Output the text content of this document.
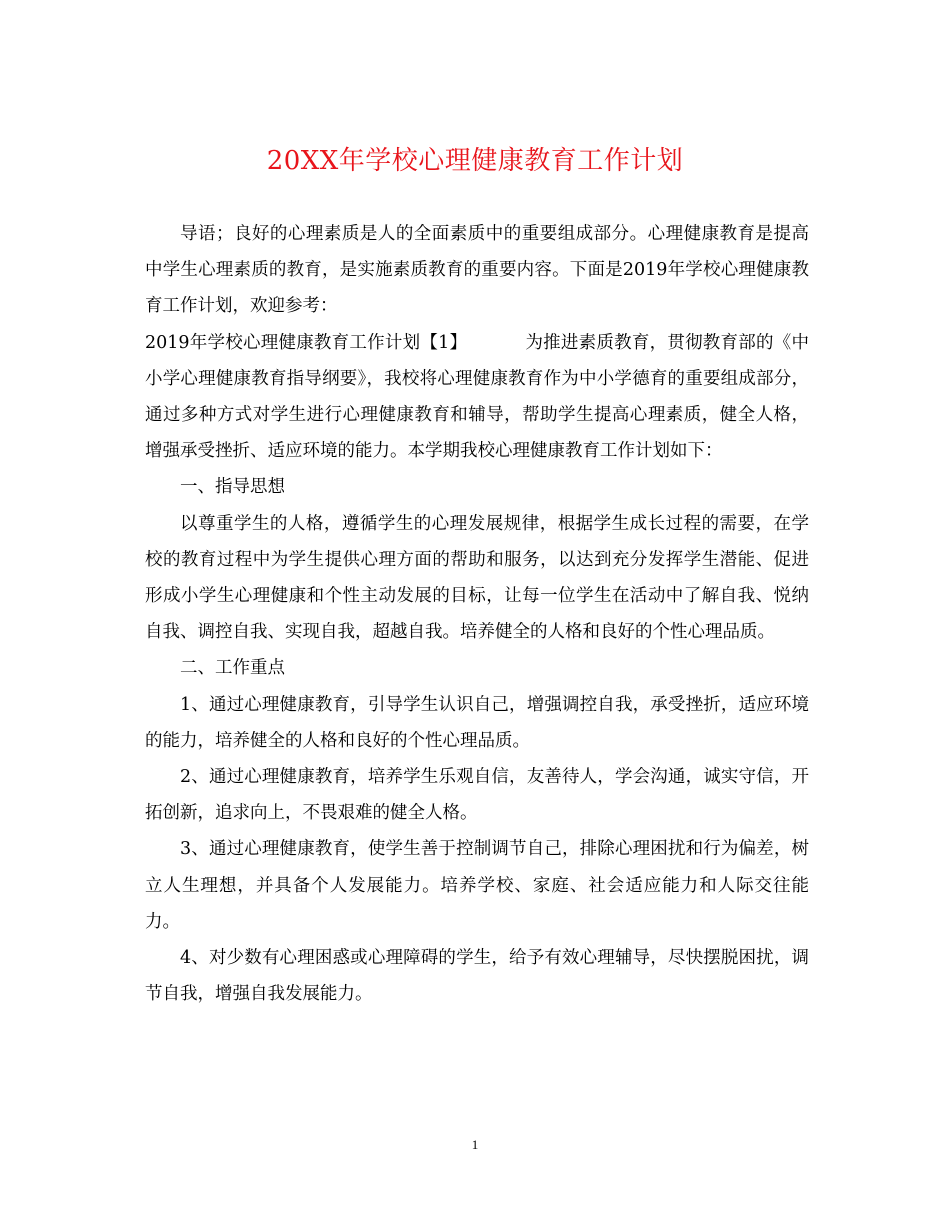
20XX年学校心理健康教育工作计划

导语；良好的心理素质是人的全面素质中的重要组成部分。心理健康教育是提高中学生心理素质的教育，是实施素质教育的重要内容。下面是2019年学校心理健康教育工作计划，欢迎参考：

2019年学校心理健康教育工作计划【1】	为推进素质教育，贯彻教育部的《中小学心理健康教育指导纲要》，我校将心理健康教育作为中小学德育的重要组成部分，通过多种方式对学生进行心理健康教育和辅导，帮助学生提高心理素质，健全人格，增强承受挫折、适应环境的能力。本学期我校心理健康教育工作计划如下：

一、指导思想

以尊重学生的人格，遵循学生的心理发展规律，根据学生成长过程的需要，在学校的教育过程中为学生提供心理方面的帮助和服务，以达到充分发挥学生潜能、促进形成小学生心理健康和个性主动发展的目标，让每一位学生在活动中了解自我、悦纳自我、调控自我、实现自我，超越自我。培养健全的人格和良好的个性心理品质。

二、工作重点

1、通过心理健康教育，引导学生认识自己，增强调控自我，承受挫折，适应环境的能力，培养健全的人格和良好的个性心理品质。

2、通过心理健康教育，培养学生乐观自信，友善待人，学会沟通，诚实守信，开拓创新，追求向上，不畏艰难的健全人格。

3、通过心理健康教育，使学生善于控制调节自己，排除心理困扰和行为偏差，树立人生理想，并具备个人发展能力。培养学校、家庭、社会适应能力和人际交往能力。

4、对少数有心理困惑或心理障碍的学生，给予有效心理辅导，尽快摆脱困扰，调节自我，增强自我发展能力。

1
